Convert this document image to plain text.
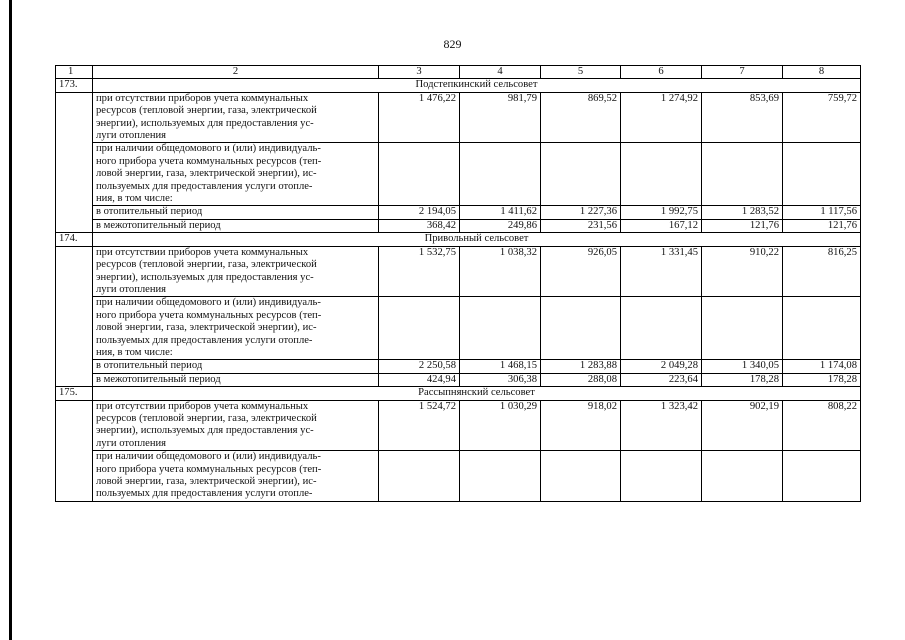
829
1	2	3	4	5	6	7	8
173.	Подстепкинский сельсовет						

	при отсутствии приборов учета коммунальных
ресурсов (тепловой энергии, газа, электрической
энергии), используемых для предоставления ус-
луги отопления	1 476,22	981,79	869,52	1 274,92	853,69	759,72

	при наличии общедомового и (или) индивидуаль-
ного прибора учета коммунальных ресурсов (теп-
ловой энергии, газа, электрической энергии), ис-
пользуемых для предоставления услуги отопле-
ния, в том числе:						

	в отопительный период	2 194,05	1 411,62	1 227,36	1 992,75	1 283,52	1 117,56

	в межотопительный период	368,42	249,86	231,56	167,12	121,76	121,76
174.	Привольный сельсовет						

	при отсутствии приборов учета коммунальных
ресурсов (тепловой энергии, газа, электрической
энергии), используемых для предоставления ус-
луги отопления	1 532,75	1 038,32	926,05	1 331,45	910,22	816,25

	при наличии общедомового и (или) индивидуаль-
ного прибора учета коммунальных ресурсов (теп-
ловой энергии, газа, электрической энергии), ис-
пользуемых для предоставления услуги отопле-
ния, в том числе:						

	в отопительный период	2 250,58	1 468,15	1 283,88	2 049,28	1 340,05	1 174,08

	в межотопительный период	424,94	306,38	288,08	223,64	178,28	178,28
175.	Рассыпнянский сельсовет						

	при отсутствии приборов учета коммунальных
ресурсов (тепловой энергии, газа, электрической
энергии), используемых для предоставления ус-
луги отопления	1 524,72	1 030,29	918,02	1 323,42	902,19	808,22

	при наличии общедомового и (или) индивидуаль-
ного прибора учета коммунальных ресурсов (теп-
ловой энергии, газа, электрической энергии), ис-
пользуемых для предоставления услуги отопле-						
